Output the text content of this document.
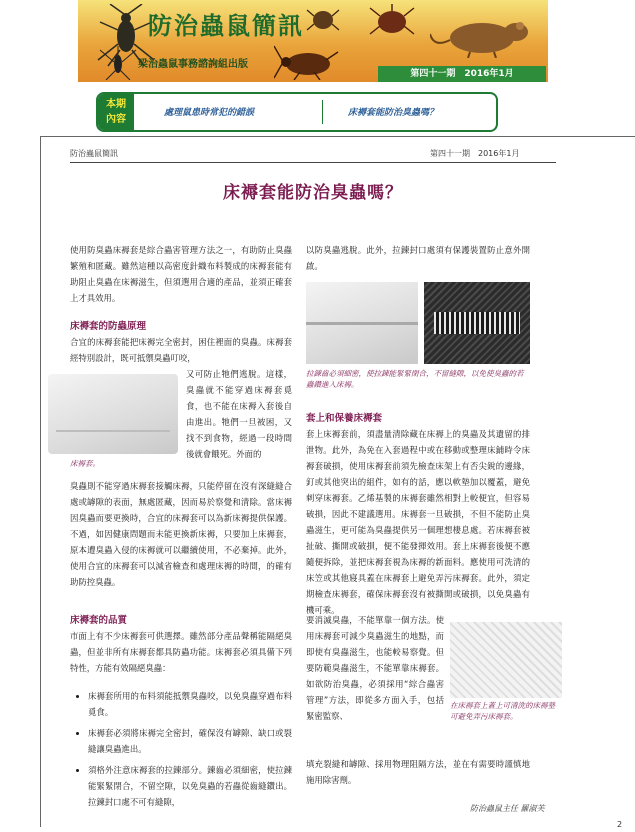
防治蟲鼠簡訊
梁治蟲鼠事務諮詢組出版
第四十一期　2016年1月
本期
內容
處理鼠患時常犯的錯誤	床褥套能防治臭蟲嗎？
防治蟲鼠簡訊	第四十一期　2016年1月
床褥套能防治臭蟲嗎？

使用防臭蟲床褥套是綜合蟲害管理方法之一，有助防止臭蟲繁殖和匿藏。雖然這種以高密度針織布料製成的床褥套能有助阻止臭蟲在床褥滋生，但須選用合適的產品，並須正確套上才具效用。

床褥套的防蟲原理

合宜的床褥套能把床褥完全密封，困住裡面的臭蟲。床褥套經特別設計，既可抵禦臭蟲叮咬，

床褥套。

又可防止牠們逃脫。這樣，臭蟲就不能穿過床褥套覓食，也不能在床褥入套後自由進出。牠們一旦被困，又找不到食物，經過一段時間後就會餓死。外面的

臭蟲則不能穿過床褥套接觸床褥，只能停留在沒有深縫縫合處或罅隙的表面，無處匿藏，因而易於察覺和清除。當床褥因臭蟲而要更換時，合宜的床褥套可以為新床褥提供保護。不過，如因健康問題而未能更換新床褥，只要加上床褥套，原本遭臭蟲入侵的床褥就可以繼續使用，不必棄掉。此外，使用合宜的床褥套可以減省檢查和處理床褥的時間，的確有助防控臭蟲。

床褥套的品質

市面上有不少床褥套可供選擇。雖然部分產品聲稱能隔絕臭蟲，但並非所有床褥套都具防蟲功能。床褥套必須具備下列特性，方能有效隔絕臭蟲：

• 床褥套所用的布料須能抵禦臭蟲咬，以免臭蟲穿過布料覓食。
• 床褥套必須將床褥完全密封，確保沒有罅隙、缺口或裂縫讓臭蟲進出。
• 須格外注意床褥套的拉鍊部分。鍊齒必須細密，使拉鍊能緊緊閉合，不留空隙，以免臭蟲的若蟲從齒縫鑽出。拉鍊封口處不可有縫隙，

以防臭蟲逃脫。此外，拉鍊封口處須有保護裝置防止意外開啟。

拉鍊齒必須細密，使拉鍊能緊緊閉合，不留縫隙，以免使臭蟲的若蟲鑽進入床褥。
套上和保養床褥套

套上床褥套前，須盡量清除藏在床褥上的臭蟲及其遺留的排泄物。此外，為免在入套過程中或在移動或整理床鋪時令床褥套破損，使用床褥套前須先檢查床架上有否尖銳的邊緣，釘或其他突出的組件，如有的話，應以軟墊加以覆蓋，避免刺穿床褥套。乙烯基製的床褥套雖然相對上較便宜，但容易破損，因此不建議選用。床褥套一旦破損，不但不能防止臭蟲滋生，更可能為臭蟲提供另一個理想棲息處。若床褥套被扯破、撕開或破損，便不能發揮效用。套上床褥套後便不應隨便拆除，並把床褥套視為床褥的新面料。應使用可洗清的床笠或其他寢具蓋在床褥套上避免弄污床褥套。此外，須定期檢查床褥套，確保床褥套沒有被撕開或破損，以免臭蟲有機可乘。

要消滅臭蟲，不能單靠一個方法。使用床褥套可減少臭蟲滋生的地點，而即使有臭蟲滋生，也能較易察覺。但要防範臭蟲滋生，不能單靠床褥套。如欲防治臭蟲，必須採用“綜合蟲害管理”方法，即從多方面入手，包括緊密監察、

在床褥套上蓋上可清洗的床褥墊可避免弄污床褥套。

填充裂縫和罅隙、採用物理阻隔方法，並在有需要時謹慎地施用除害劑。

防治蟲鼠主任 羅淑芙
2
